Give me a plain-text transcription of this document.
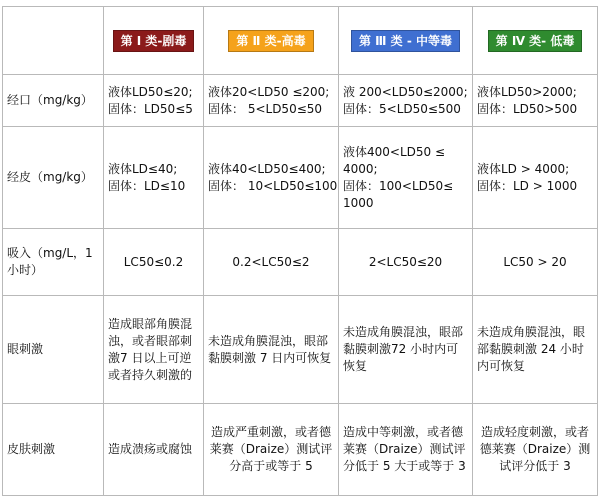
	第 Ⅰ 类-剧毒	第 Ⅱ 类-高毒	第 Ⅲ 类 - 中等毒	第 Ⅳ 类- 低毒
经口（mg/kg）	液体LD50≤20;
固体：LD50≤5	液体20<LD50 ≤200;
固体： 5<LD50≤50	液 200<LD50≤2000;
固体：5<LD50≤500	液体LD50>2000;
固体：LD50>500

经皮（mg/kg）	液体LD≤40;
固体：LD≤10	液体40<LD50≤400;
固体： 10<LD50≤100	液体400<LD50 ≤
4000;
固体：100<LD50≤
1000	液体LD > 4000;
固体：LD > 1000

吸入（mg/L，1小时）	LC50≤0.2	0.2<LC50≤2	2<LC50≤20	LC50 > 20
眼刺激	造成眼部角膜混浊，或者眼部刺激7 日以上可逆或者持久刺激的	未造成角膜混浊，眼部黏膜刺激 7 日内可恢复	未造成角膜混浊，眼部黏膜刺激72 小时内可恢复	未造成角膜混浊，眼部黏膜刺激 24 小时内可恢复

皮肤刺激	造成溃疡或腐蚀	造成严重刺激，或者德莱赛（Draize）测试评分高于或等于 5	造成中等刺激，或者德莱赛（Draize）测试评分低于 5 大于或等于 3	造成轻度刺激，或者德莱赛（Draize）测试评分低于 3
